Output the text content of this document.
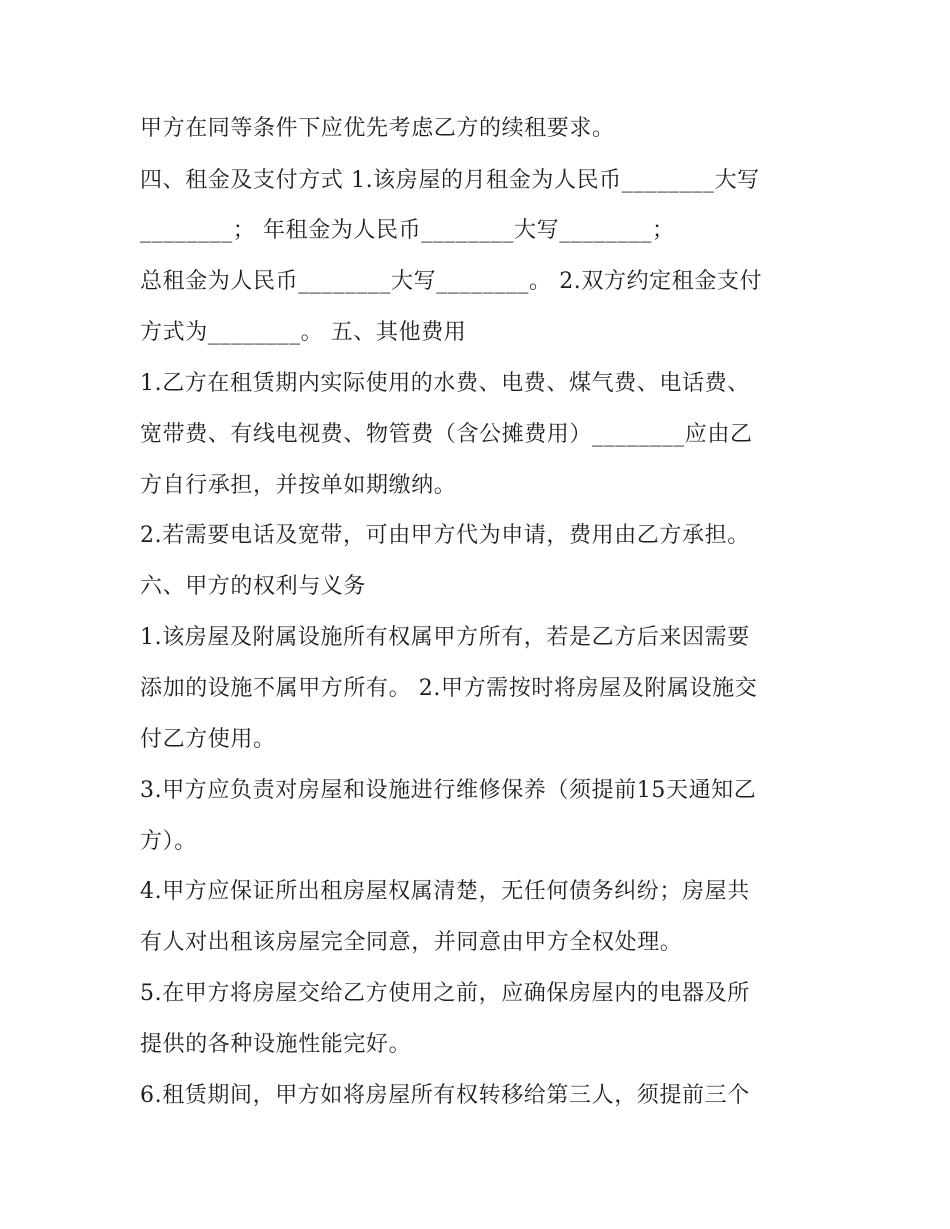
甲方在同等条件下应优先考虑乙方的续租要求。
四、租金及支付方式 1.该房屋的月租金为人民币________大写
________； 年租金为人民币________大写________；
总租金为人民币________大写________。 2.双方约定租金支付
方式为________。 五、其他费用
1.乙方在租赁期内实际使用的水费、电费、煤气费、电话费、
宽带费、有线电视费、物管费（含公摊费用）________应由乙
方自行承担，并按单如期缴纳。
2.若需要电话及宽带，可由甲方代为申请，费用由乙方承担。
六、甲方的权利与义务
1.该房屋及附属设施所有权属甲方所有，若是乙方后来因需要
添加的设施不属甲方所有。 2.甲方需按时将房屋及附属设施交
付乙方使用。
3.甲方应负责对房屋和设施进行维修保养（须提前15天通知乙
方）。
4.甲方应保证所出租房屋权属清楚，无任何债务纠纷；房屋共
有人对出租该房屋完全同意，并同意由甲方全权处理。
5.在甲方将房屋交给乙方使用之前，应确保房屋内的电器及所
提供的各种设施性能完好。
6.租赁期间，甲方如将房屋所有权转移给第三人，须提前三个
